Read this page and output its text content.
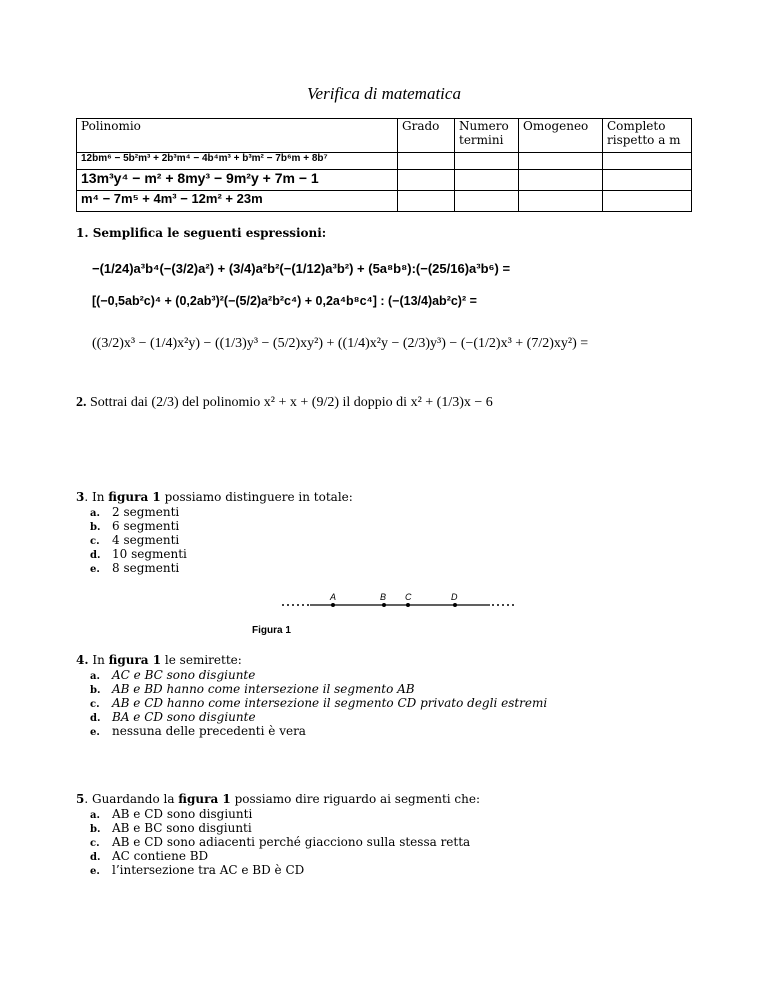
Verifica di matematica
Polinomio	Grado	Numero termini	Omogeneo	Completo rispetto a m
12bm⁶ − 5b²m³ + 2b³m⁴ − 4b⁴m³ + b³m² − 7b⁶m + 8b⁷				
13m³y⁴ − m² + 8my³ − 9m²y + 7m − 1				
m⁴ − 7m⁵ + 4m³ − 12m² + 23m				
1. Semplifica le seguenti espressioni:
−(1/24)a³b⁴(−(3/2)a²) + (3/4)a²b²(−(1/12)a³b²) + (5a⁸b⁸):(−(25/16)a³b⁶) =
[(−0,5ab²c)⁴ + (0,2ab³)²(−(5/2)a²b²c⁴) + 0,2a⁴b⁸c⁴] : (−(13/4)ab²c)² =
((3/2)x³ − (1/4)x²y) − ((1/3)y³ − (5/2)xy²) + ((1/4)x²y − (2/3)y³) − (−(1/2)x³ + (7/2)xy²) =
2. Sottrai dai (2/3) del polinomio x² + x + (9/2) il doppio di x² + (1/3)x − 6
3. In figura 1 possiamo distinguere in totale:
a. 2 segmenti
b. 6 segmenti
c. 4 segmenti
d. 10 segmenti
e. 8 segmenti
A	B C	D
Figura 1
4. In figura 1 le semirette:
a. AC e BC sono disgiunte
b. AB e BD hanno come intersezione il segmento AB
c. AB e CD hanno come intersezione il segmento CD privato degli estremi
d. BA e CD sono disgiunte
e. nessuna delle precedenti è vera
5. Guardando la figura 1 possiamo dire riguardo ai segmenti che:
a. AB e CD sono disgiunti
b. AB e BC sono disgiunti
c. AB e CD sono adiacenti perché giacciono sulla stessa retta
d. AC contiene BD
e. l’intersezione tra AC e BD è CD
